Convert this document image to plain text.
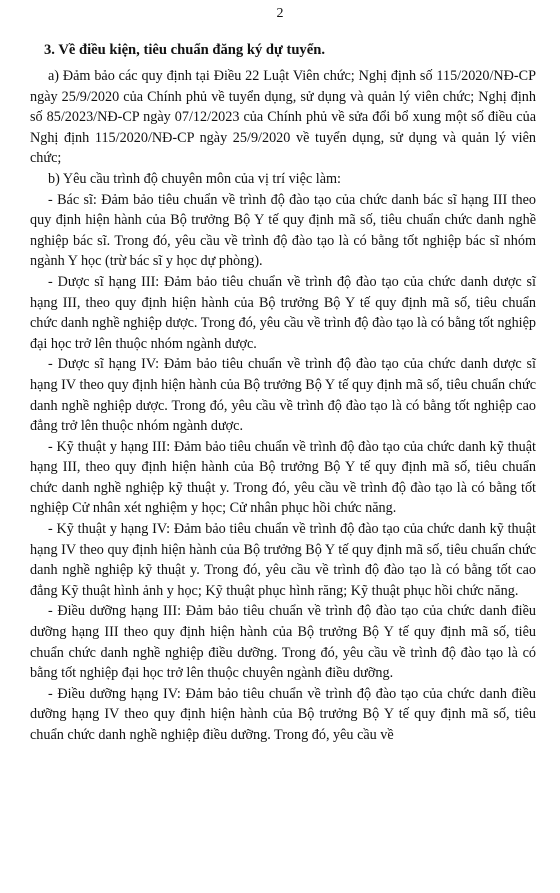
2
3. Về điều kiện, tiêu chuẩn đăng ký dự tuyển.

a) Đảm bảo các quy định tại Điều 22 Luật Viên chức; Nghị định số 115/2020/NĐ-CP ngày 25/9/2020 của Chính phủ về tuyển dụng, sử dụng và quản lý viên chức; Nghị định số 85/2023/NĐ-CP ngày 07/12/2023 của Chính phủ về sửa đổi bổ xung một số điều của Nghị định 115/2020/NĐ-CP ngày 25/9/2020 về tuyển dụng, sử dụng và quản lý viên chức;

b) Yêu cầu trình độ chuyên môn của vị trí việc làm:

- Bác sĩ: Đảm bảo tiêu chuẩn về trình độ đào tạo của chức danh bác sĩ hạng III theo quy định hiện hành của Bộ trưởng Bộ Y tế quy định mã số, tiêu chuẩn chức danh nghề nghiệp bác sĩ. Trong đó, yêu cầu về trình độ đào tạo là có bằng tốt nghiệp bác sĩ nhóm ngành Y học (trừ bác sĩ y học dự phòng).

- Dược sĩ hạng III: Đảm bảo tiêu chuẩn về trình độ đào tạo của chức danh dược sĩ hạng III, theo quy định hiện hành của Bộ trưởng Bộ Y tế quy định mã số, tiêu chuẩn chức danh nghề nghiệp dược. Trong đó, yêu cầu về trình độ đào tạo là có bằng tốt nghiệp đại học trở lên thuộc nhóm ngành dược.

- Dược sĩ hạng IV: Đảm bảo tiêu chuẩn về trình độ đào tạo của chức danh dược sĩ hạng IV theo quy định hiện hành của Bộ trưởng Bộ Y tế quy định mã số, tiêu chuẩn chức danh nghề nghiệp dược. Trong đó, yêu cầu về trình độ đào tạo là có bằng tốt nghiệp cao đẳng trở lên thuộc nhóm ngành dược.

- Kỹ thuật y hạng III: Đảm bảo tiêu chuẩn về trình độ đào tạo của chức danh kỹ thuật hạng III, theo quy định hiện hành của Bộ trưởng Bộ Y tế quy định mã số, tiêu chuẩn chức danh nghề nghiệp kỹ thuật y. Trong đó, yêu cầu về trình độ đào tạo là có bằng tốt nghiệp Cử nhân xét nghiệm y học; Cử nhân phục hồi chức năng.

- Kỹ thuật y hạng IV: Đảm bảo tiêu chuẩn về trình độ đào tạo của chức danh kỹ thuật hạng IV theo quy định hiện hành của Bộ trưởng Bộ Y tế quy định mã số, tiêu chuẩn chức danh nghề nghiệp kỹ thuật y. Trong đó, yêu cầu về trình độ đào tạo là có bằng tốt cao đẳng Kỹ thuật hình ảnh y học; Kỹ thuật phục hình răng; Kỹ thuật phục hồi chức năng.

- Điều dưỡng hạng III: Đảm bảo tiêu chuẩn về trình độ đào tạo của chức danh điều dưỡng hạng III theo quy định hiện hành của Bộ trưởng Bộ Y tế quy định mã số, tiêu chuẩn chức danh nghề nghiệp điều dưỡng. Trong đó, yêu cầu về trình độ đào tạo là có bằng tốt nghiệp đại học trở lên thuộc chuyên ngành điều dưỡng.

- Điều dưỡng hạng IV: Đảm bảo tiêu chuẩn về trình độ đào tạo của chức danh điều dưỡng hạng IV theo quy định hiện hành của Bộ trưởng Bộ Y tế quy định mã số, tiêu chuẩn chức danh nghề nghiệp điều dưỡng. Trong đó, yêu cầu về
